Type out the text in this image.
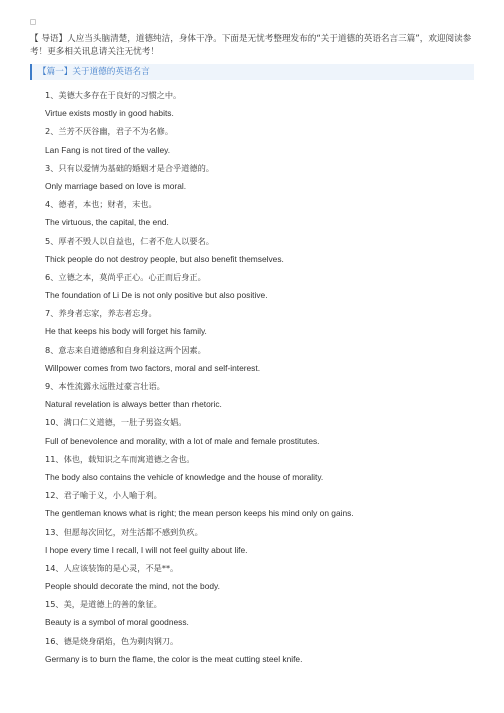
【 导语】人应当头脑清楚，道德纯洁，身体干净。下面是无忧考整理发布的“关于道德的英语名言三篇”，欢迎阅读参考！更多相关讯息请关注无忧考！

【篇一】关于道德的英语名言
1、美德大多存在于良好的习惯之中。
Virtue exists mostly in good habits.
2、兰芳不厌谷幽，君子不为名修。
Lan Fang is not tired of the valley.
3、只有以爱情为基础的婚姻才是合乎道德的。
Only marriage based on love is moral.
4、德者，本也；财者，末也。
The virtuous, the capital, the end.
5、厚者不毁人以自益也，仁者不危人以要名。
Thick people do not destroy people, but also benefit themselves.
6、立德之本，莫尚乎正心。心正而后身正。
The foundation of Li De is not only positive but also positive.
7、养身者忘家，养志者忘身。
He that keeps his body will forget his family.
8、意志来自道德感和自身利益这两个因素。
Willpower comes from two factors, moral and self-interest.
9、本性流露永远胜过豪言壮语。
Natural revelation is always better than rhetoric.
10、满口仁义道德，一肚子男盗女娼。
Full of benevolence and morality, with a lot of male and female prostitutes.
11、体也，载知识之车而寓道德之舍也。
The body also contains the vehicle of knowledge and the house of morality.
12、君子喻于义，小人喻于利。
The gentleman knows what is right; the mean person keeps his mind only on gains.
13、但愿每次回忆，对生活都不感到负疚。
I hope every time I recall, I will not feel guilty about life.
14、人应该装饰的是心灵，不是**。
People should decorate the mind, not the body.
15、美，是道德上的善的象征。
Beauty is a symbol of moral goodness.
16、德是烧身硝焰，色为剃肉钢刀。
Germany is to burn the flame, the color is the meat cutting steel knife.
